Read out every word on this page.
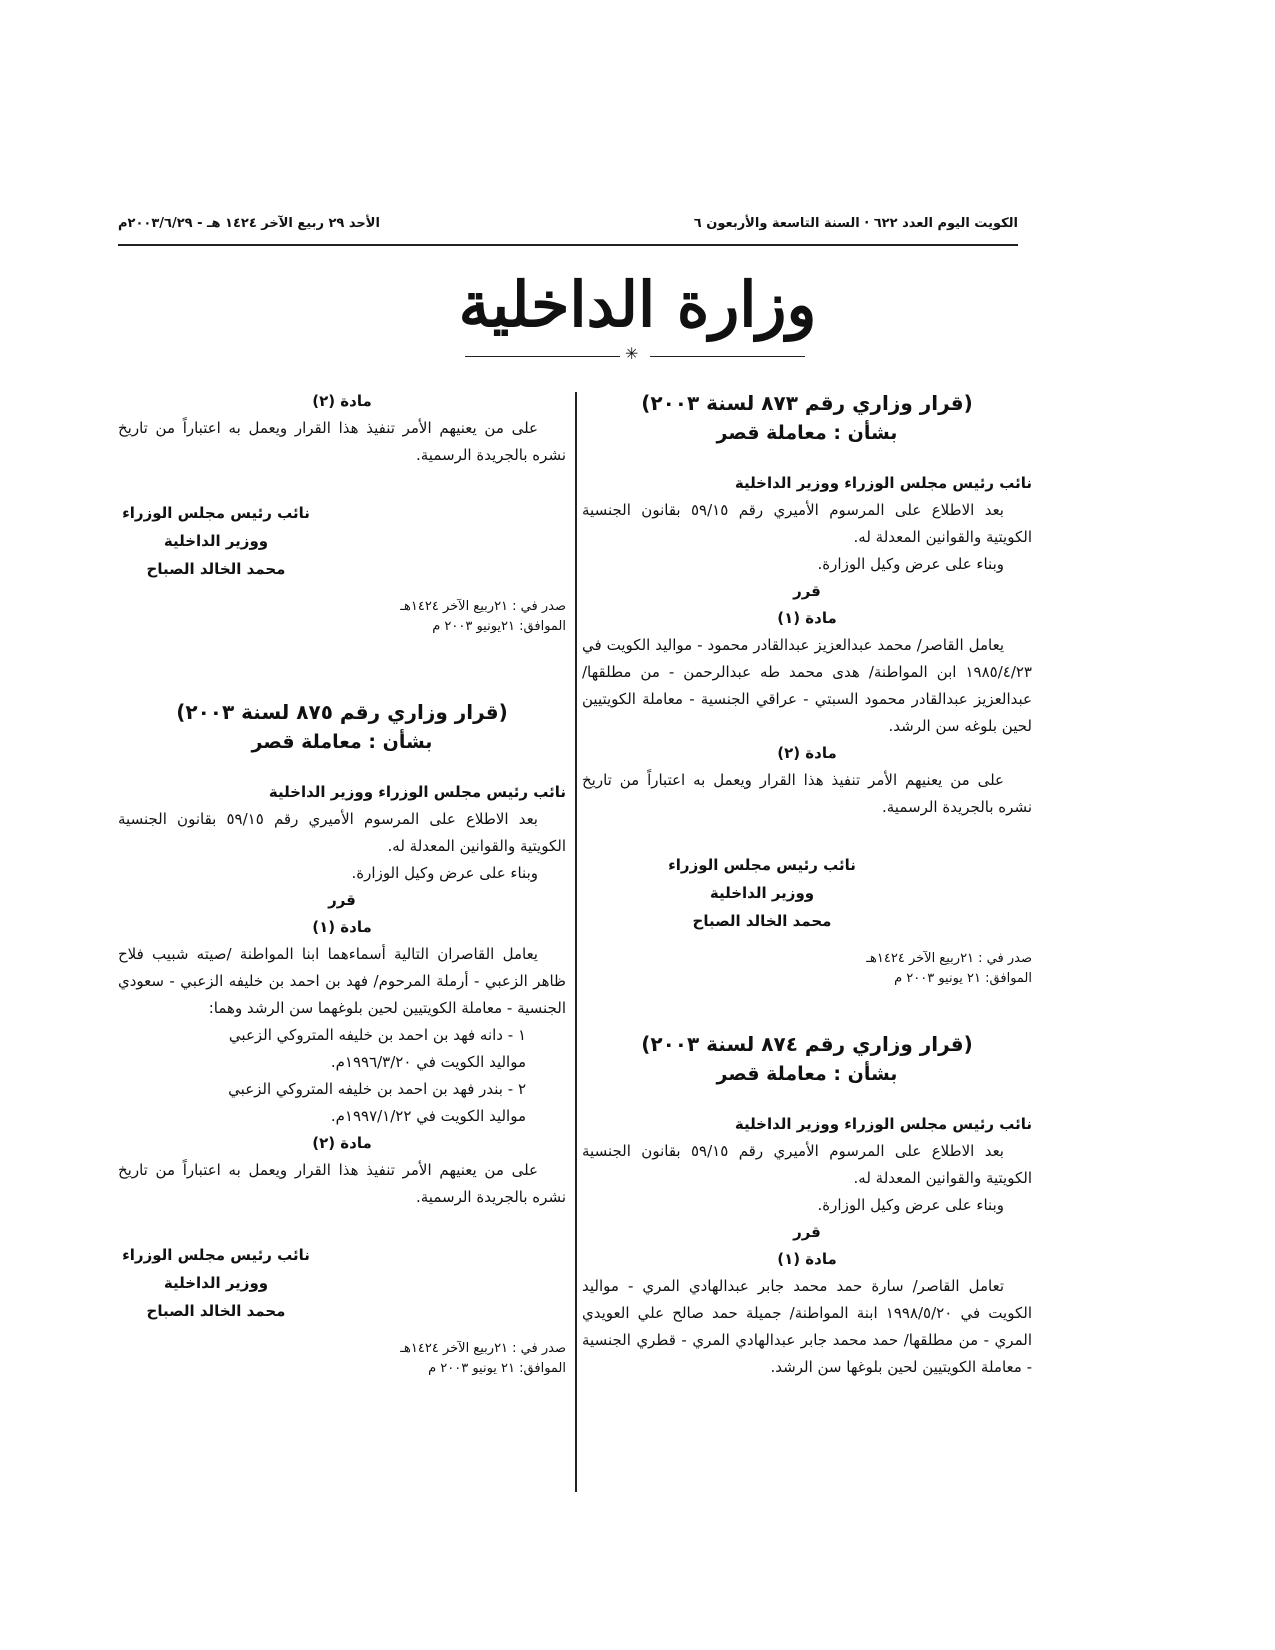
الكويت اليوم العدد ٦٢٢ · السنة التاسعة والأربعون ٦
الأحد ٢٩ ربيع الآخر ١٤٢٤ هـ - ٢٠٠٣/٦/٢٩م
وزارة الداخلية
✳
(قرار وزاري رقم ٨٧٣ لسنة ٢٠٠٣)
بشأن : معاملة قصر
نائب رئيس مجلس الوزراء ووزير الداخلية
بعد الاطلاع على المرسوم الأميري رقم ٥٩/١٥ بقانون الجنسية الكويتية والقوانين المعدلة له.
وبناء على عرض وكيل الوزارة.
قرر
مادة (١)
يعامل القاصر/ محمد عبدالعزيز عبدالقادر محمود - مواليد الكويت في ١٩٨٥/٤/٢٣ ابن المواطنة/ هدى محمد طه عبدالرحمن - من مطلقها/ عبدالعزيز عبدالقادر محمود السبتي - عراقي الجنسية - معاملة الكويتيين لحين بلوغه سن الرشد.
مادة (٢)
على من يعنيهم الأمر تنفيذ هذا القرار ويعمل به اعتباراً من تاريخ نشره بالجريدة الرسمية.
نائب رئيس مجلس الوزراء
ووزير الداخلية
محمد الخالد الصباح
صدر في : ٢١ربيع الآخر ١٤٢٤هـ
الموافق: ٢١ يونيو ٢٠٠٣ م
(قرار وزاري رقم ٨٧٤ لسنة ٢٠٠٣)
بشأن : معاملة قصر
نائب رئيس مجلس الوزراء ووزير الداخلية
بعد الاطلاع على المرسوم الأميري رقم ٥٩/١٥ بقانون الجنسية الكويتية والقوانين المعدلة له.
وبناء على عرض وكيل الوزارة.
قرر
مادة (١)
تعامل القاصر/ سارة حمد محمد جابر عبدالهادي المري - مواليد الكويت في ١٩٩٨/٥/٢٠ ابنة المواطنة/ جميلة حمد صالح علي العويدي المري - من مطلقها/ حمد محمد جابر عبدالهادي المري - قطري الجنسية - معاملة الكويتيين لحين بلوغها سن الرشد.
مادة (٢)
على من يعنيهم الأمر تنفيذ هذا القرار ويعمل به اعتباراً من تاريخ نشره بالجريدة الرسمية.
نائب رئيس مجلس الوزراء
ووزير الداخلية
محمد الخالد الصباح
صدر في : ٢١ربيع الآخر ١٤٢٤هـ
الموافق: ٢١يونيو ٢٠٠٣ م
(قرار وزاري رقم ٨٧٥ لسنة ٢٠٠٣)
بشأن : معاملة قصر
نائب رئيس مجلس الوزراء ووزير الداخلية
بعد الاطلاع على المرسوم الأميري رقم ٥٩/١٥ بقانون الجنسية الكويتية والقوانين المعدلة له.
وبناء على عرض وكيل الوزارة.
قرر
مادة (١)
يعامل القاصران التالية أسماءهما ابنا المواطنة /صيته شبيب فلاح ظاهر الزعبي - أرملة المرحوم/ فهد بن احمد بن خليفه الزعبي - سعودي الجنسية - معاملة الكويتيين لحين بلوغهما سن الرشد وهما:
١ - دانه فهد بن احمد بن خليفه المتروكي الزعبي
مواليد الكويت في ١٩٩٦/٣/٢٠م.
٢ - بندر فهد بن احمد بن خليفه المتروكي الزعبي
مواليد الكويت في ١٩٩٧/١/٢٢م.
مادة (٢)
على من يعنيهم الأمر تنفيذ هذا القرار ويعمل به اعتباراً من تاريخ نشره بالجريدة الرسمية.
نائب رئيس مجلس الوزراء
ووزير الداخلية
محمد الخالد الصباح
صدر في : ٢١ربيع الآخر ١٤٢٤هـ
الموافق: ٢١ يونيو ٢٠٠٣ م
